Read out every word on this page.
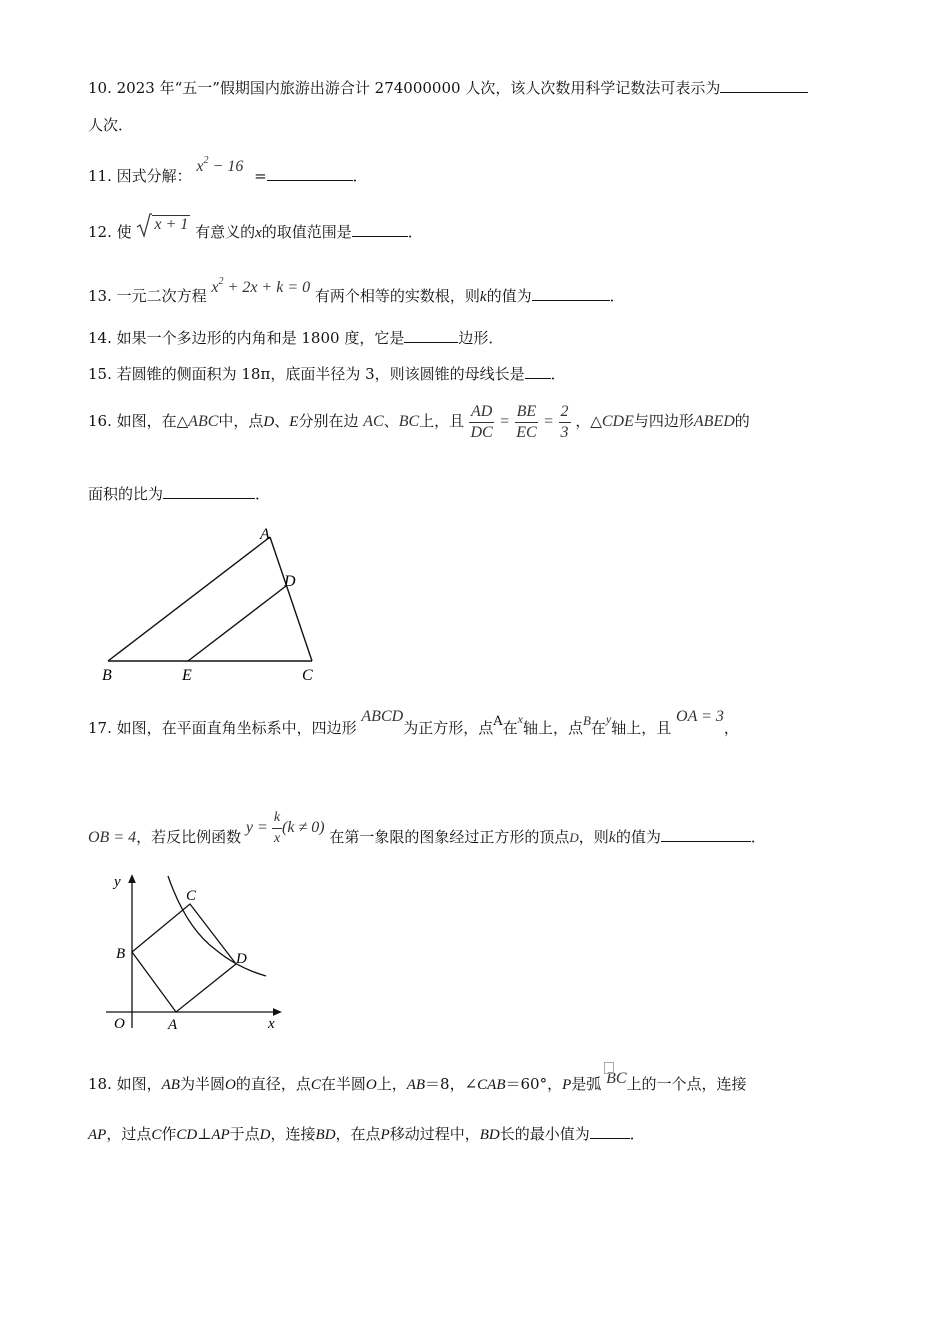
10. 2023 年“五一”假期国内旅游出游合计 274000000 人次，该人次数用科学记数法可表示为
人次．
11. 因式分解： $x^2 - 16$ =	．
12. 使 x + 1 有意义的x的取值范围是	．
13. 一元二次方程 $x^2 + 2x + k = 0$ 有两个相等的实数根，则k的值为	．
14. 如果一个多边形的内角和是 1800 度，它是	边形．
15. 若圆锥的侧面积为 18π，底面半径为 3，则该圆锥的母线长是 ．
16. 如图，在△ABC中，点D、E分别在边 AC、BC上，且 $\frac{AD}{DC} = \frac{BE}{EC} = \frac{2}{3}$ ，△CDE与四边形ABED的
面积的比为	．
A
D
B	E	C
17. 如图，在平面直角坐标系中，四边形 ABCD为正方形，点A在$^x$轴上，点B在$^y$轴上，且 OA = 3，
OB = 4，若反比例函数 $y = \frac{k}{x} (k \ne 0)$ 在第一象限的图象经过正方形的顶点D，则k的值为	．
y
x
O	A
B
C
D
18. 如图，AB为半圆O的直径，点C在半圆O上，AB＝8，∠CAB＝60°，P是弧 BC上的一个点，连接
AP，过点C作CD⊥AP于点D，连接BD，在点P移动过程中，BD长的最小值为	．
